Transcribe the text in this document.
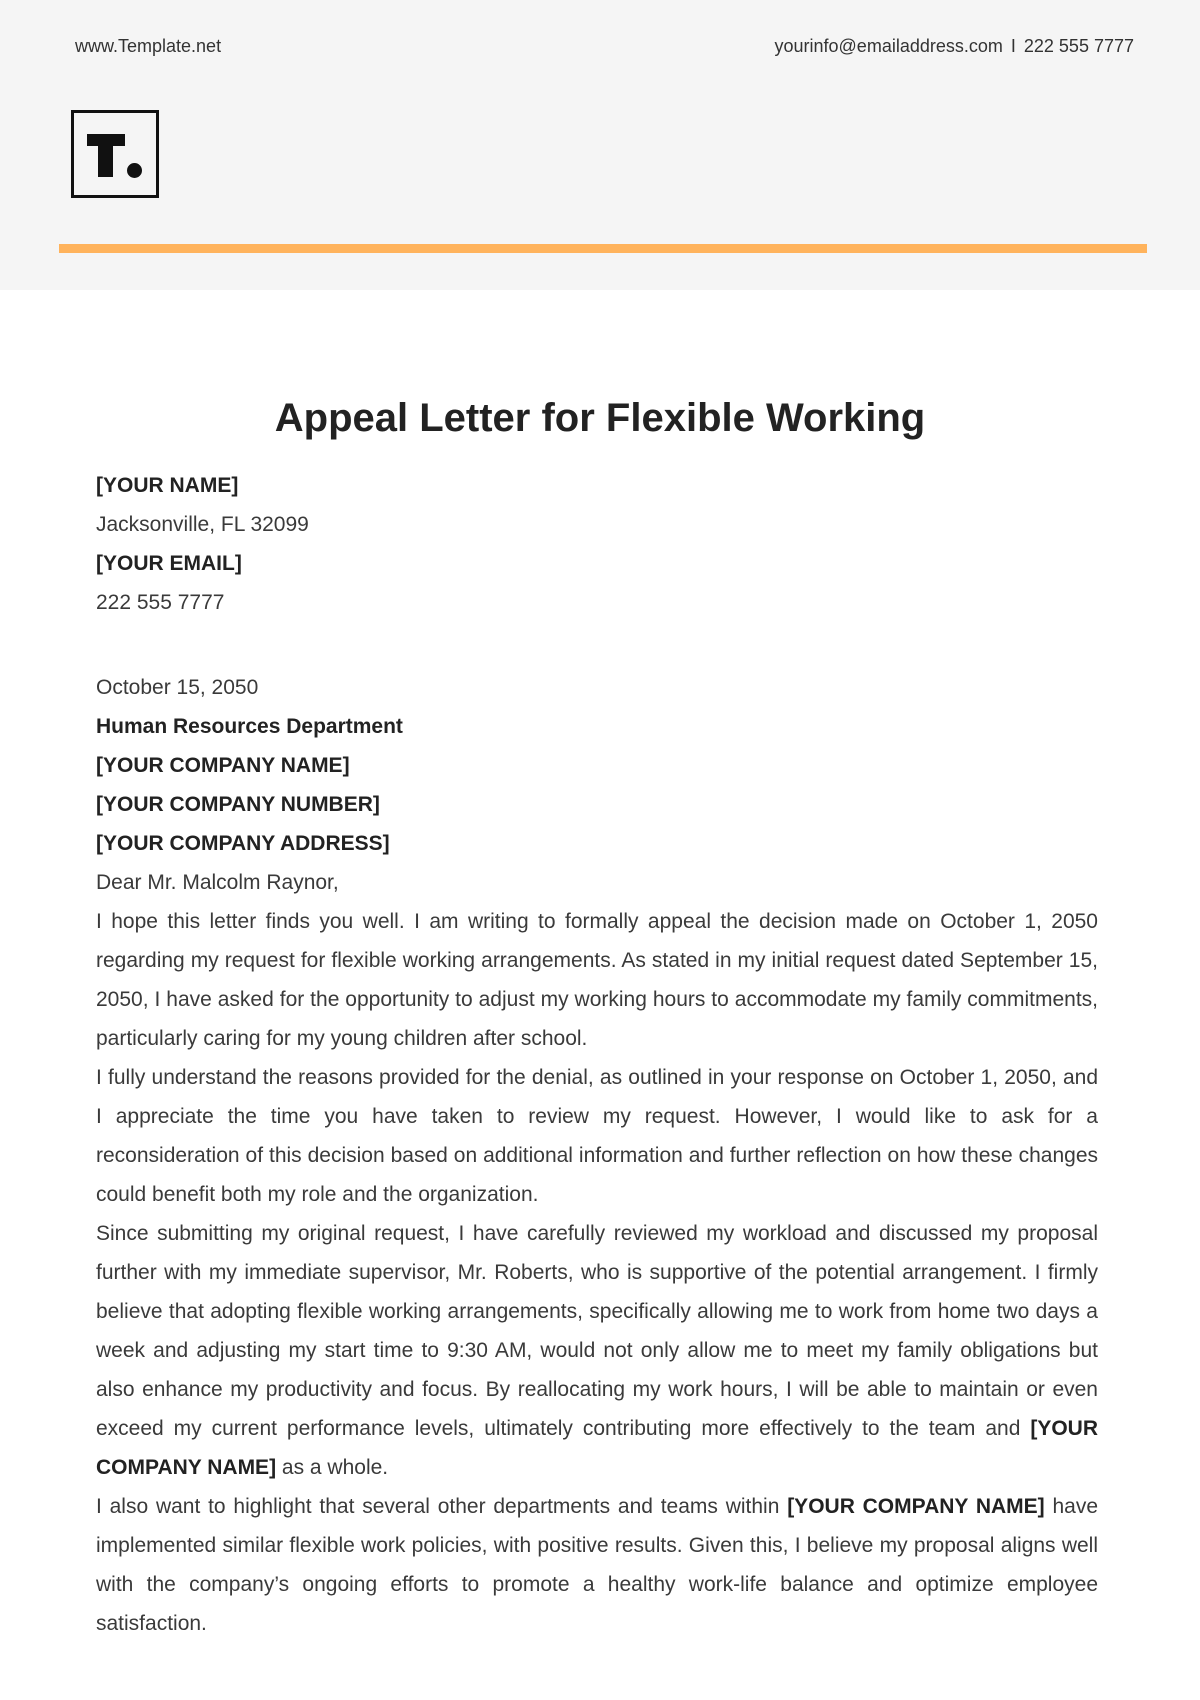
www.Template.net	yourinfo@emailaddress.com I 222 555 7777
Appeal Letter for Flexible Working
[YOUR NAME]
Jacksonville, FL 32099
[YOUR EMAIL]
222 555 7777
October 15, 2050
Human Resources Department
[YOUR COMPANY NAME]
[YOUR COMPANY NUMBER]
[YOUR COMPANY ADDRESS]
Dear Mr. Malcolm Raynor,

I hope this letter finds you well. I am writing to formally appeal the decision made on October 1, 2050 regarding my request for flexible working arrangements. As stated in my initial request dated September 15, 2050, I have asked for the opportunity to adjust my working hours to accommodate my family commitments, particularly caring for my young children after school.

I fully understand the reasons provided for the denial, as outlined in your response on October 1, 2050, and I appreciate the time you have taken to review my request. However, I would like to ask for a reconsideration of this decision based on additional information and further reflection on how these changes could benefit both my role and the organization.

Since submitting my original request, I have carefully reviewed my workload and discussed my proposal further with my immediate supervisor, Mr. Roberts, who is supportive of the potential arrangement. I firmly believe that adopting flexible working arrangements, specifically allowing me to work from home two days a week and adjusting my start time to 9:30 AM, would not only allow me to meet my family obligations but also enhance my productivity and focus. By reallocating my work hours, I will be able to maintain or even exceed my current performance levels, ultimately contributing more effectively to the team and [YOUR COMPANY NAME] as a whole.

I also want to highlight that several other departments and teams within [YOUR COMPANY NAME] have implemented similar flexible work policies, with positive results. Given this, I believe my proposal aligns well with the company’s ongoing efforts to promote a healthy work-life balance and optimize employee satisfaction.
